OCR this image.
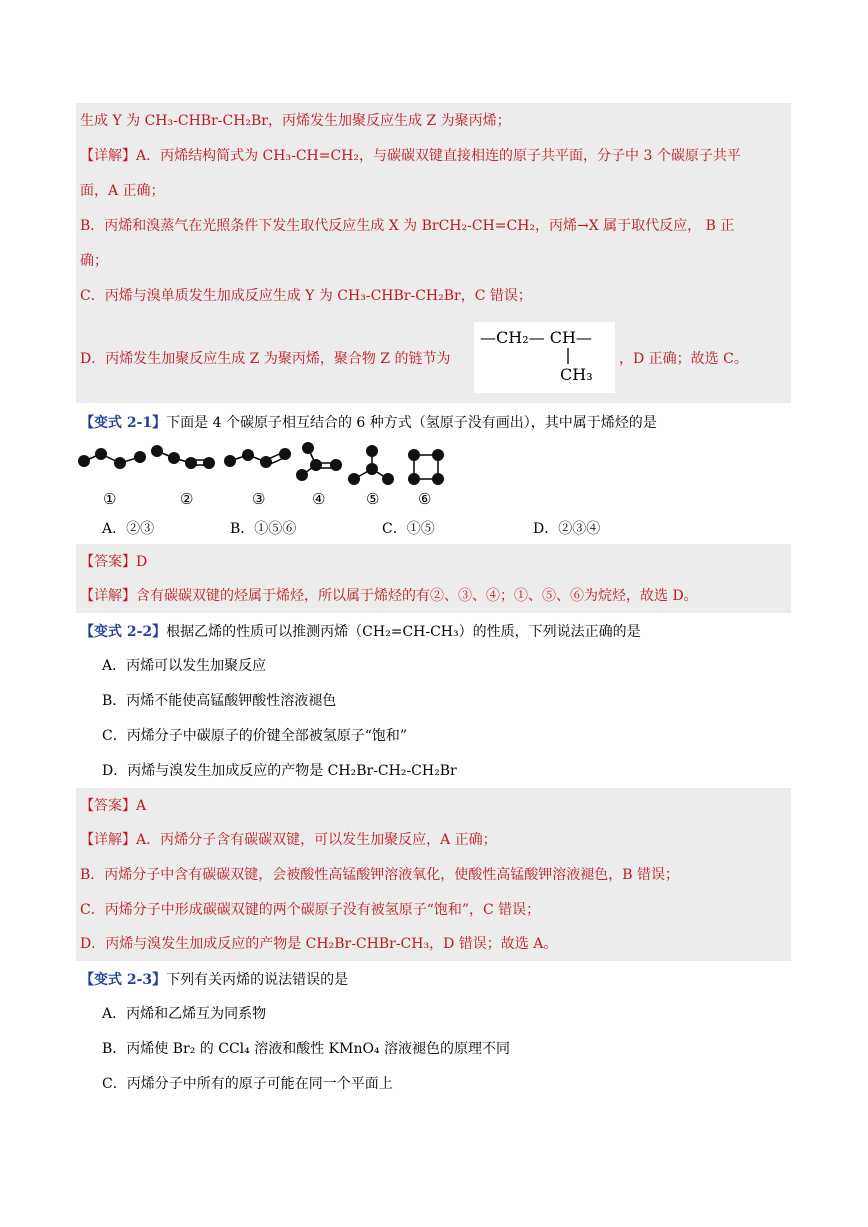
—CH₂— CH—
CH₃
生成 Y 为 CH₃-CHBr-CH₂Br，丙烯发生加聚反应生成 Z 为聚丙烯；
【详解】A．丙烯结构简式为 CH₃-CH=CH₂，与碳碳双键直接相连的原子共平面，分子中 3 个碳原子共平
面，A 正确；
B．丙烯和溴蒸气在光照条件下发生取代反应生成 X 为 BrCH₂-CH=CH₂，丙烯→X 属于取代反应， B 正
确；
C．丙烯与溴单质发生加成反应生成 Y 为 CH₃-CHBr-CH₂Br，C 错误；
D．丙烯发生加聚反应生成 Z 为聚丙烯，聚合物 Z 的链节为	，D 正确；故选 C。
【变式 2-1】下面是 4 个碳原子相互结合的 6 种方式（氢原子没有画出），其中属于烯烃的是
①	②	③	④	⑤	⑥
A．②③	B．①⑤⑥	C．①⑤	D．②③④
【答案】D
【详解】含有碳碳双键的烃属于烯烃，所以属于烯烃的有②、③、④；①、⑤、⑥为烷烃，故选 D。
【变式 2-2】根据乙烯的性质可以推测丙烯（CH₂=CH-CH₃）的性质，下列说法正确的是
A．丙烯可以发生加聚反应
B．丙烯不能使高锰酸钾酸性溶液褪色
C．丙烯分子中碳原子的价键全部被氢原子“饱和”
D．丙烯与溴发生加成反应的产物是 CH₂Br-CH₂-CH₂Br
【答案】A
【详解】A．丙烯分子含有碳碳双键，可以发生加聚反应，A 正确；
B．丙烯分子中含有碳碳双键，会被酸性高锰酸钾溶液氧化，使酸性高锰酸钾溶液褪色，B 错误；
C．丙烯分子中形成碳碳双键的两个碳原子没有被氢原子“饱和”，C 错误；
D．丙烯与溴发生加成反应的产物是 CH₂Br-CHBr-CH₃，D 错误；故选 A。
【变式 2-3】下列有关丙烯的说法错误的是
A．丙烯和乙烯互为同系物
B．丙烯使 Br₂ 的 CCl₄ 溶液和酸性 KMnO₄ 溶液褪色的原理不同
C．丙烯分子中所有的原子可能在同一个平面上
